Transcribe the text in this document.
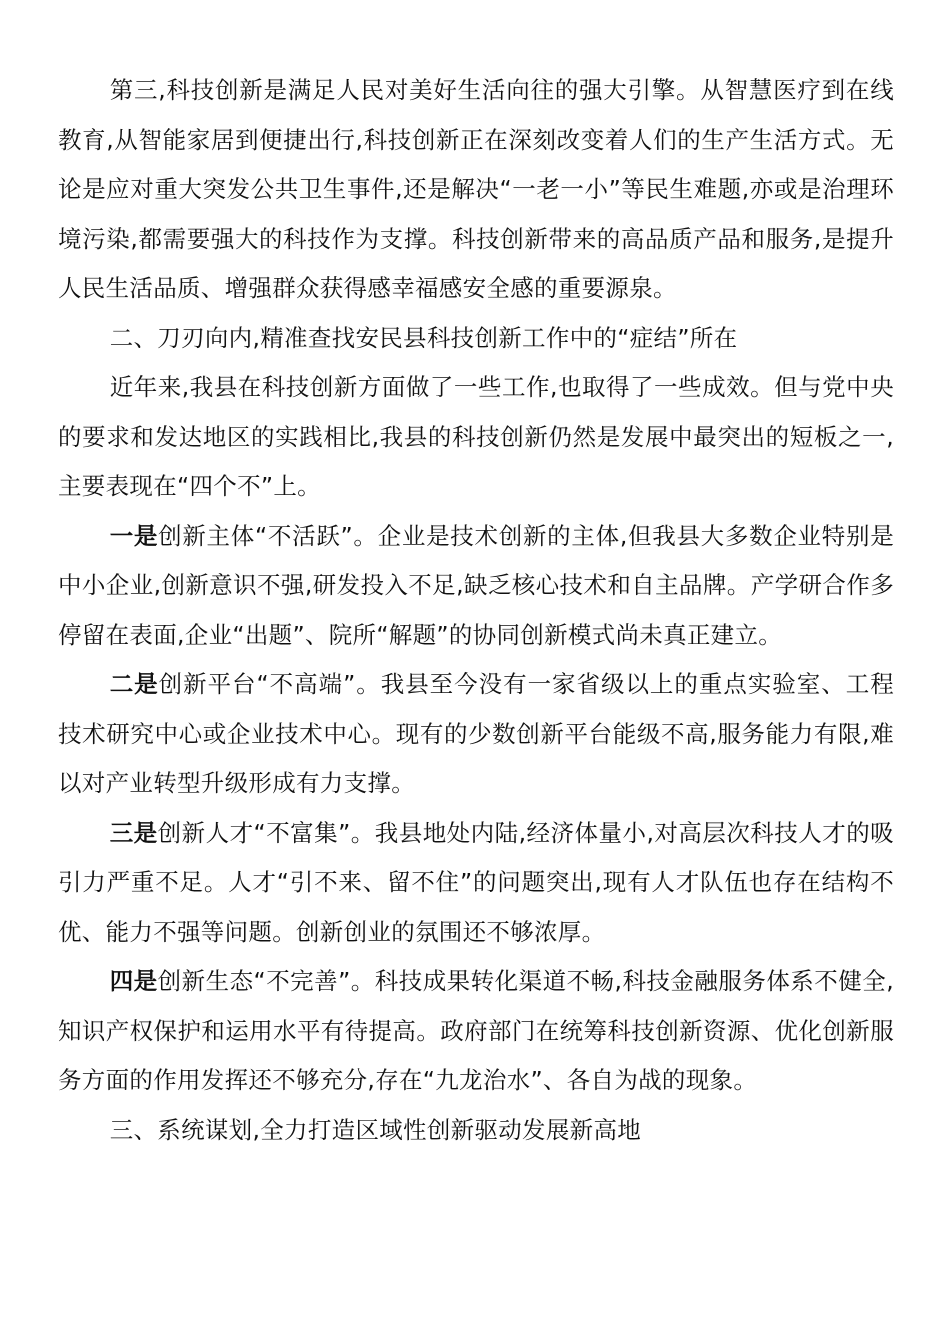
第三,科技创新是满足人民对美好生活向往的强大引擎。从智慧医疗到在线教育,从智能家居到便捷出行,科技创新正在深刻改变着人们的生产生活方式。无论是应对重大突发公共卫生事件,还是解决“一老一小”等民生难题,亦或是治理环境污染,都需要强大的科技作为支撑。科技创新带来的高品质产品和服务,是提升人民生活品质、增强群众获得感幸福感安全感的重要源泉。

二、刀刃向内,精准查找安民县科技创新工作中的“症结”所在

近年来,我县在科技创新方面做了一些工作,也取得了一些成效。但与党中央的要求和发达地区的实践相比,我县的科技创新仍然是发展中最突出的短板之一,主要表现在“四个不”上。

一是创新主体“不活跃”。企业是技术创新的主体,但我县大多数企业特别是中小企业,创新意识不强,研发投入不足,缺乏核心技术和自主品牌。产学研合作多停留在表面,企业“出题”、院所“解题”的协同创新模式尚未真正建立。

二是创新平台“不高端”。我县至今没有一家省级以上的重点实验室、工程技术研究中心或企业技术中心。现有的少数创新平台能级不高,服务能力有限,难以对产业转型升级形成有力支撑。

三是创新人才“不富集”。我县地处内陆,经济体量小,对高层次科技人才的吸引力严重不足。人才“引不来、留不住”的问题突出,现有人才队伍也存在结构不优、能力不强等问题。创新创业的氛围还不够浓厚。

四是创新生态“不完善”。科技成果转化渠道不畅,科技金融服务体系不健全,知识产权保护和运用水平有待提高。政府部门在统筹科技创新资源、优化创新服务方面的作用发挥还不够充分,存在“九龙治水”、各自为战的现象。

三、系统谋划,全力打造区域性创新驱动发展新高地
